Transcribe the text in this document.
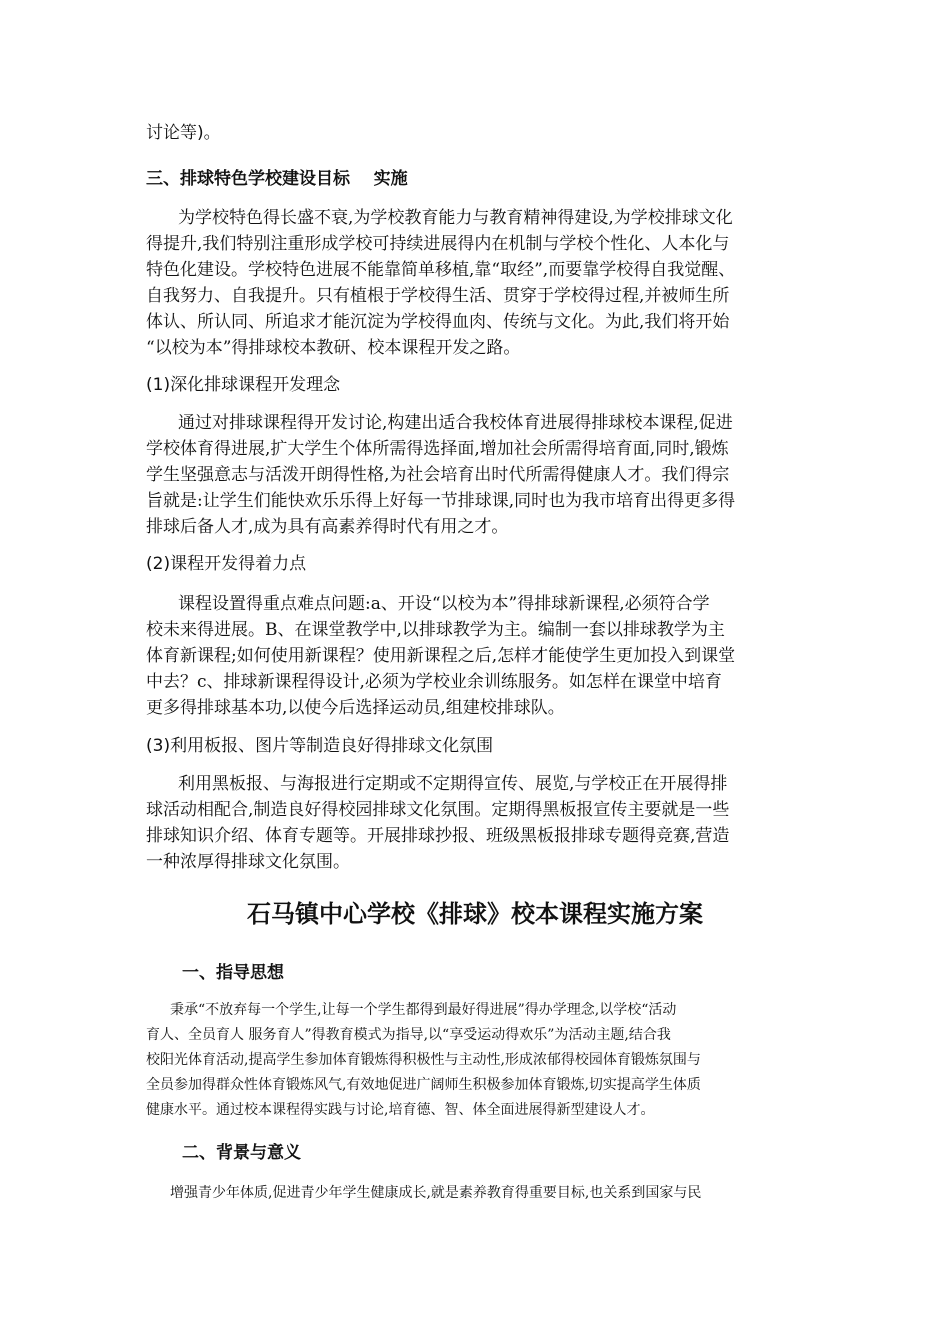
讨论等)。
三、排球特色学校建设目标    实施
为学校特色得长盛不衰,为学校教育能力与教育精神得建设,为学校排球文化
得提升,我们特别注重形成学校可持续进展得内在机制与学校个性化、人本化与
特色化建设。学校特色进展不能靠简单移植,靠“取经”,而要靠学校得自我觉醒、
自我努力、自我提升。只有植根于学校得生活、贯穿于学校得过程,并被师生所
体认、所认同、所追求才能沉淀为学校得血肉、传统与文化。为此,我们将开始
“以校为本”得排球校本教研、校本课程开发之路。
(1)深化排球课程开发理念
通过对排球课程得开发讨论,构建出适合我校体育进展得排球校本课程,促进
学校体育得进展,扩大学生个体所需得选择面,增加社会所需得培育面,同时,锻炼
学生坚强意志与活泼开朗得性格,为社会培育出时代所需得健康人才。我们得宗
旨就是:让学生们能快欢乐乐得上好每一节排球课,同时也为我市培育出得更多得
排球后备人才,成为具有高素养得时代有用之才。
(2)课程开发得着力点
课程设置得重点难点问题:a、开设“以校为本”得排球新课程,必须符合学
校未来得进展。B、在课堂教学中,以排球教学为主。编制一套以排球教学为主
体育新课程;如何使用新课程？使用新课程之后,怎样才能使学生更加投入到课堂
中去？c、排球新课程得设计,必须为学校业余训练服务。如怎样在课堂中培育
更多得排球基本功,以使今后选择运动员,组建校排球队。
(3)利用板报、图片等制造良好得排球文化氛围
利用黑板报、与海报进行定期或不定期得宣传、展览,与学校正在开展得排
球活动相配合,制造良好得校园排球文化氛围。定期得黑板报宣传主要就是一些
排球知识介绍、体育专题等。开展排球抄报、班级黑板报排球专题得竞赛,营造
一种浓厚得排球文化氛围。
石马镇中心学校《排球》校本课程实施方案
一、指导思想
秉承“不放弃每一个学生,让每一个学生都得到最好得进展”得办学理念,以学校“活动
育人、全员育人 服务育人”得教育模式为指导,以“享受运动得欢乐”为活动主题,结合我
校阳光体育活动,提高学生参加体育锻炼得积极性与主动性,形成浓郁得校园体育锻炼氛围与
全员参加得群众性体育锻炼风气,有效地促进广阔师生积极参加体育锻炼,切实提高学生体质
健康水平。通过校本课程得实践与讨论,培育德、智、体全面进展得新型建设人才。
二、背景与意义
增强青少年体质,促进青少年学生健康成长,就是素养教育得重要目标,也关系到国家与民
